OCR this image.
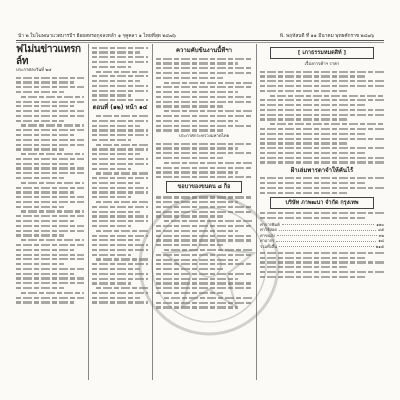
น้า ๒ ใบโฆษณาแวตบารบีฯ ฮ้อยสหรอกุจลงหล้า ๑ ๆคูคลา ๑ ไทยที่สุด ๒๔๗๖	พิ. พฤหัสบดี ที่ ๑๑ มีนาคม พุทธศักราช ๒๔๗๖
ฟไม่นข่าวแทรกล์ท
ประกาศลงวันที่ ๒๔
ตอนที่ (๑๒) หน้า ๑๔
ความคับข้นงานนี้ทีฯา
ประกาศกระทรวงมหาดไทย
ขอบาของขนตน ๘ ก็อ
[ เภาธรรมหมดสิท์ ]
เรื่องการค้าฯ ราคา
ฝ้าเล่มพารตาจำให้คันไร้
บริษัท ภาพฒนา จำกัด กรุงเทพ
ค่าการพิมพ์	๑๒๐
ค่าใช้สอย	๔๕
ค่าขนส่ง	๓๒
ค่าอากร	๑๘
รวมทั้งสิ้น	๒๑๕
